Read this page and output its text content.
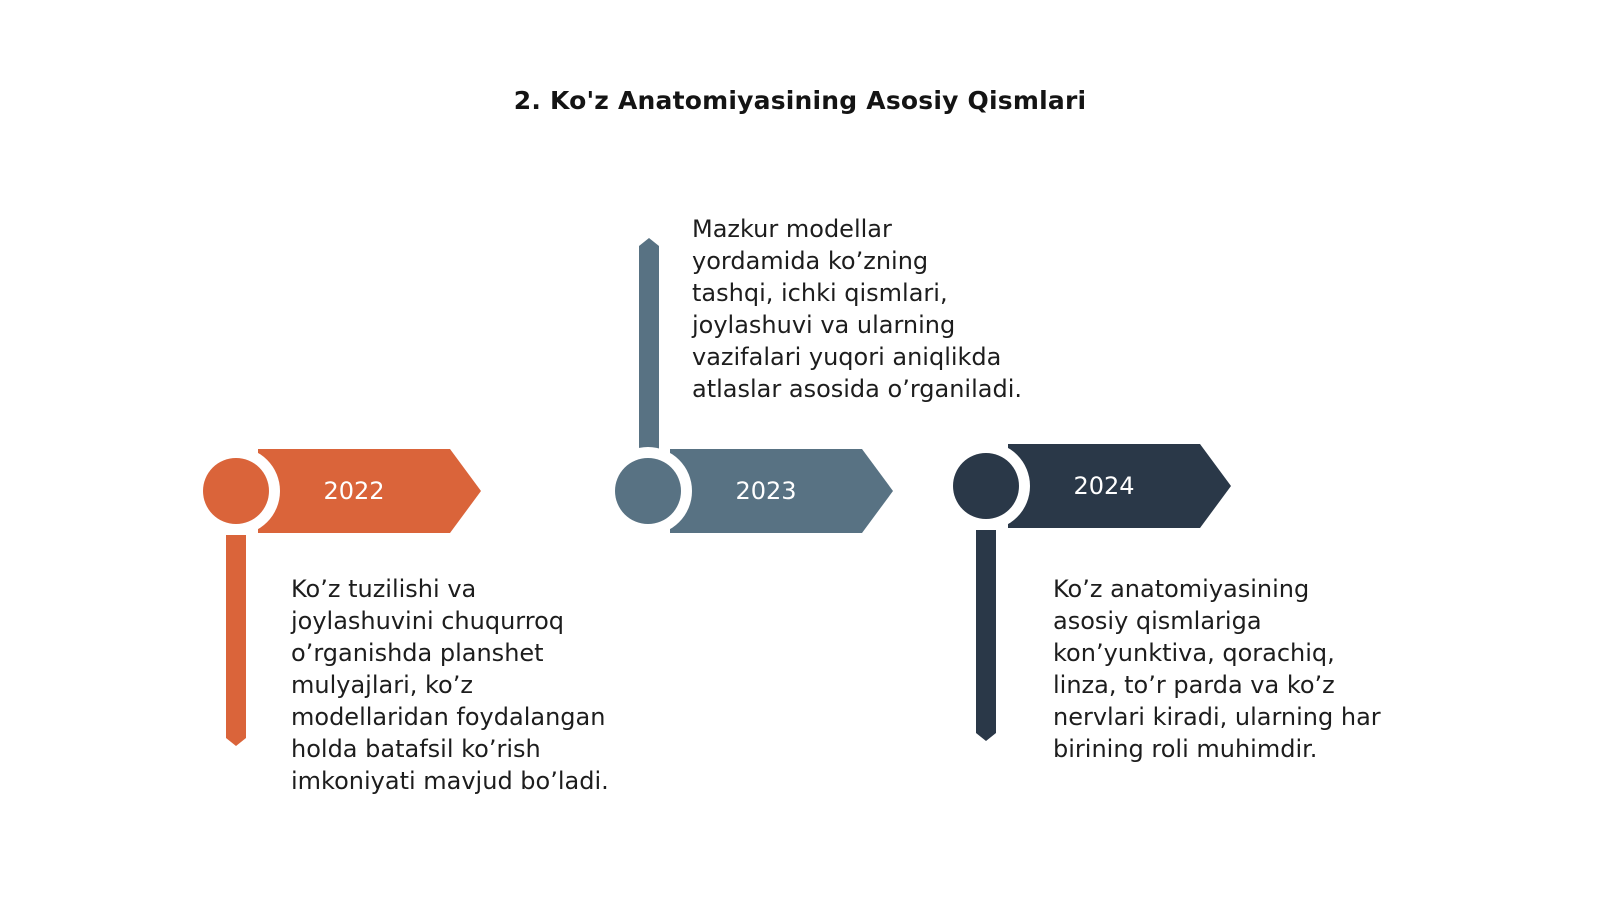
2. Ko'z Anatomiyasining Asosiy Qismlari
2022	2023	2024

Ko’z tuzilishi va
joylashuvini chuqurroq
o’rganishda planshet
mulyajlari, ko’z
modellaridan foydalangan
holda batafsil ko’rish
imkoniyati mavjud bo’ladi.

Mazkur modellar
yordamida ko’zning
tashqi, ichki qismlari,
joylashuvi va ularning
vazifalari yuqori aniqlikda
atlaslar asosida o’rganiladi.

Ko’z anatomiyasining
asosiy qismlariga
kon’yunktiva, qorachiq,
linza, to’r parda va ko’z
nervlari kiradi, ularning har
birining roli muhimdir.
